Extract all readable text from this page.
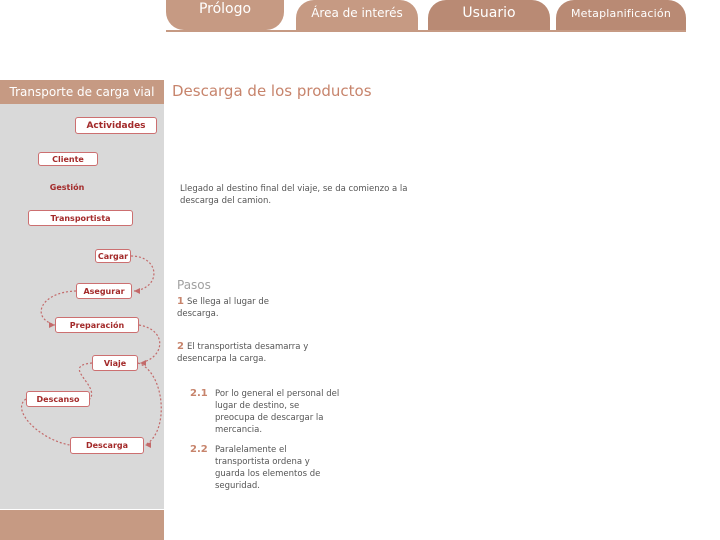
Prólogo	Área de interés	Usuario	Metaplanificación
Transporte de carga vial
Actividades
Cliente
Gestión
Transportista
Cargar
Asegurar
Preparación
Viaje
Descanso
Descarga
Descarga de los productos
Llegado al destino final del viaje, se da comienzo a la descarga del camion.
Pasos
1 Se llega al lugar de descarga.
2 El transportista desamarra y desencarpa la carga.
2.1 Por lo general el personal del lugar de destino, se preocupa de descargar la mercancia.
2.2 Paralelamente el transportista ordena y guarda los elementos de seguridad.
